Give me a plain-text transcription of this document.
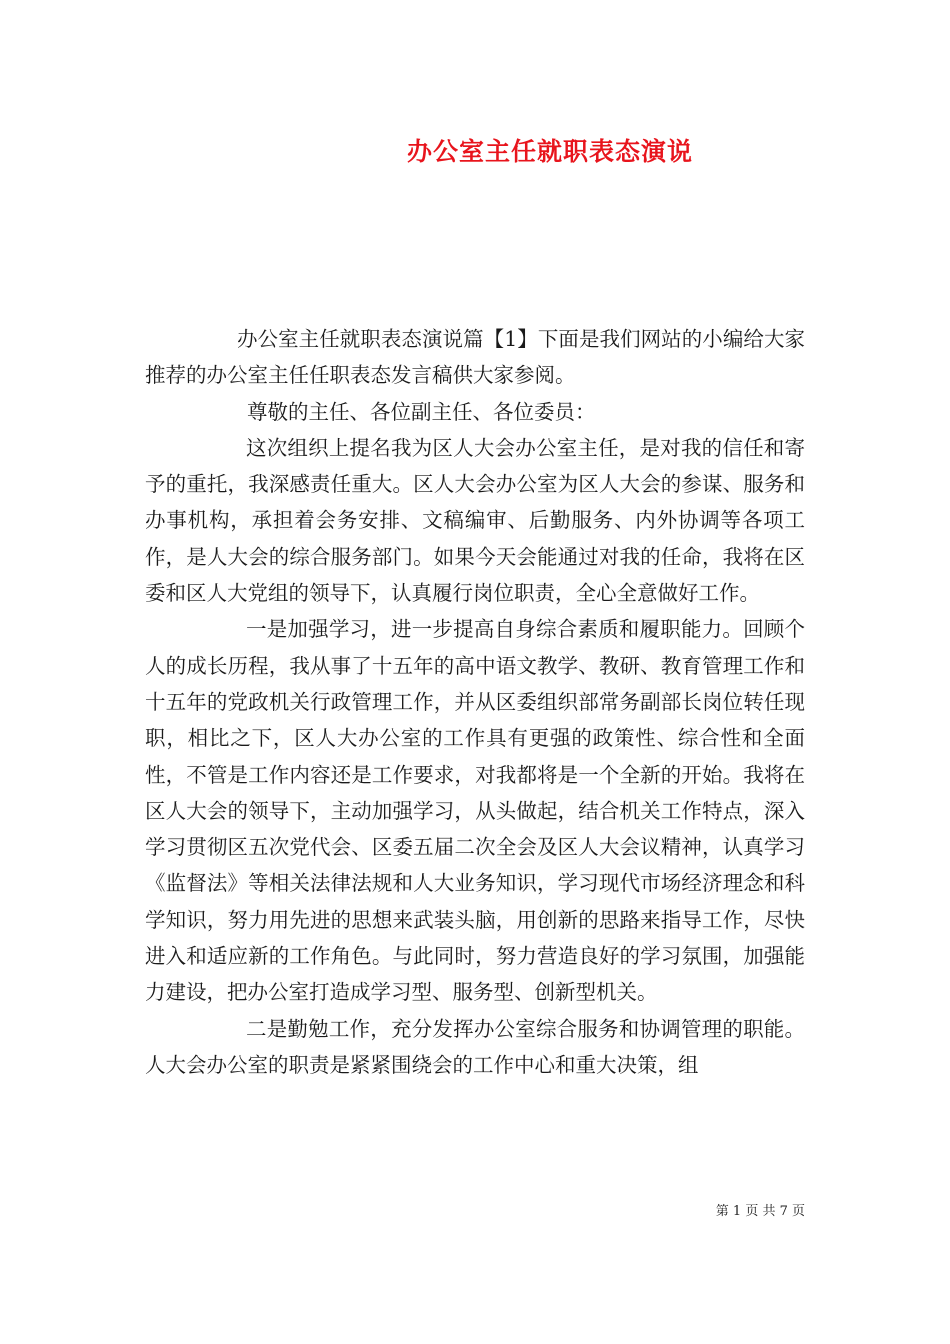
办公室主任就职表态演说

办公室主任就职表态演说篇【1】下面是我们网站的小编给大家推荐的办公室主任任职表态发言稿供大家参阅。

尊敬的主任、各位副主任、各位委员：

这次组织上提名我为区人大会办公室主任，是对我的信任和寄予的重托，我深感责任重大。区人大会办公室为区人大会的参谋、服务和办事机构，承担着会务安排、文稿编审、后勤服务、内外协调等各项工作，是人大会的综合服务部门。如果今天会能通过对我的任命，我将在区委和区人大党组的领导下，认真履行岗位职责，全心全意做好工作。

一是加强学习，进一步提高自身综合素质和履职能力。回顾个人的成长历程，我从事了十五年的高中语文教学、教研、教育管理工作和十五年的党政机关行政管理工作，并从区委组织部常务副部长岗位转任现职，相比之下，区人大办公室的工作具有更强的政策性、综合性和全面性，不管是工作内容还是工作要求，对我都将是一个全新的开始。我将在区人大会的领导下，主动加强学习，从头做起，结合机关工作特点，深入学习贯彻区五次党代会、区委五届二次全会及区人大会议精神，认真学习《监督法》等相关法律法规和人大业务知识，学习现代市场经济理念和科学知识，努力用先进的思想来武装头脑，用创新的思路来指导工作，尽快进入和适应新的工作角色。与此同时，努力营造良好的学习氛围，加强能力建设，把办公室打造成学习型、服务型、创新型机关。

二是勤勉工作，充分发挥办公室综合服务和协调管理的职能。人大会办公室的职责是紧紧围绕会的工作中心和重大决策，组

第 1 页 共 7 页
